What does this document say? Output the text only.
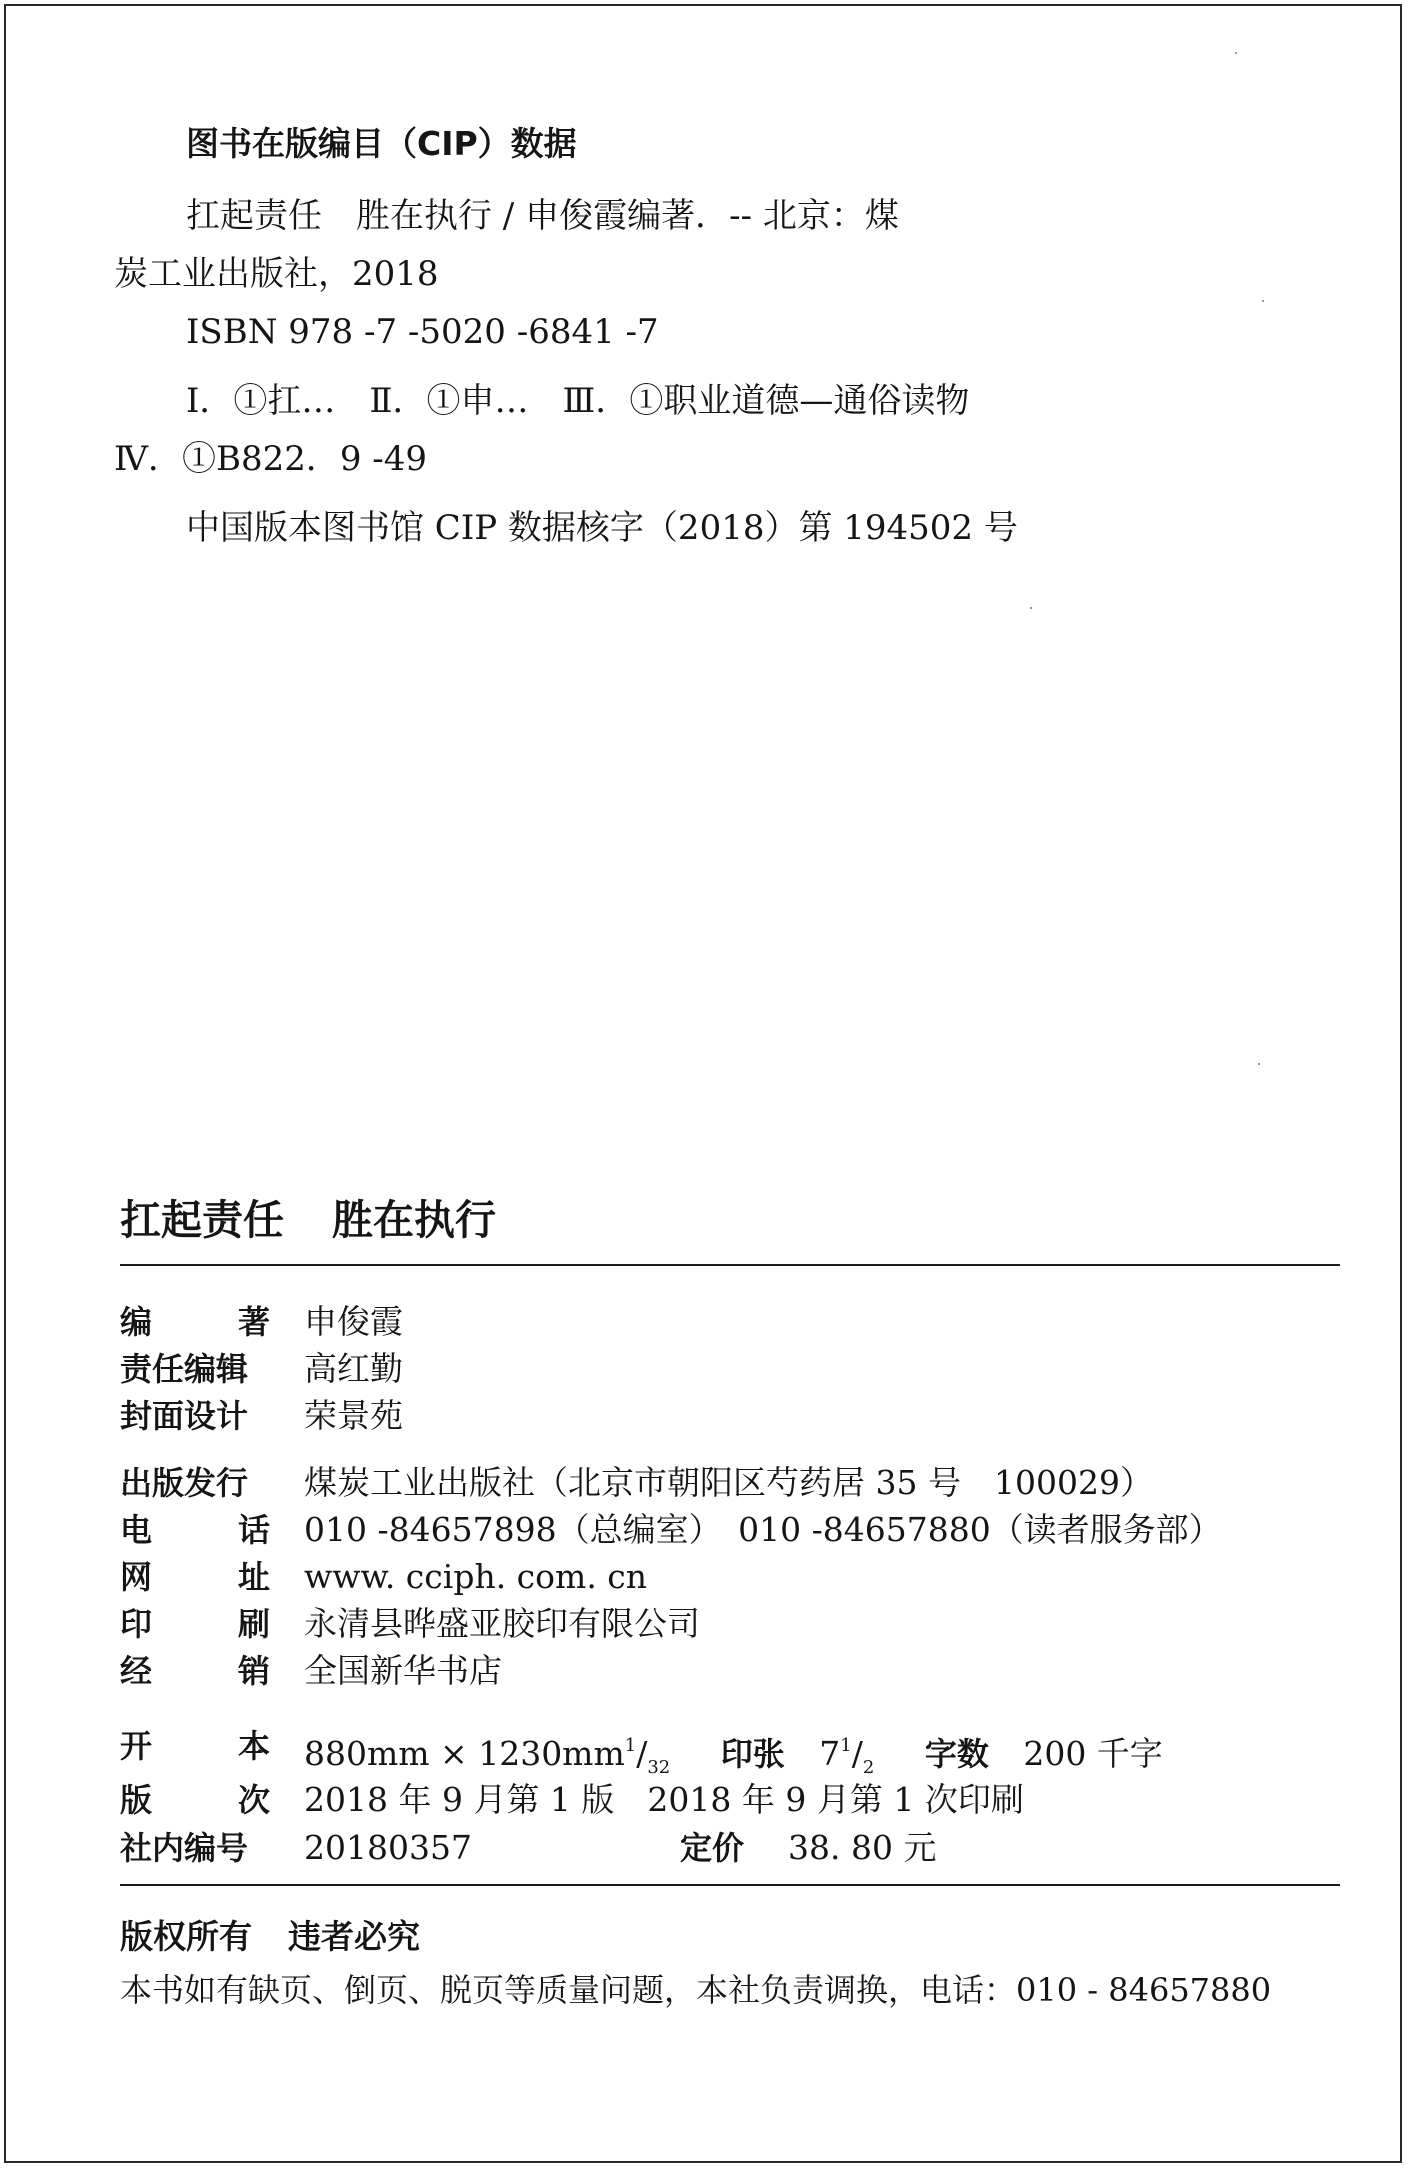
图书在版编目（CIP）数据
扛起责任　胜在执行 / 申俊霞编著．-- 北京：煤
炭工业出版社，2018
ISBN 978 -7 -5020 -6841 -7
Ⅰ．①扛…　Ⅱ．①申…　Ⅲ．①职业道德—通俗读物
Ⅳ．①B822．9 -49
中国版本图书馆 CIP 数据核字（2018）第 194502 号
扛起责任 胜在执行
编	著 申俊霞
责任编辑	高红勤
封面设计	荣景苑
出版发行	煤炭工业出版社（北京市朝阳区芍药居 35 号　100029）
电	话 010 -84657898（总编室）　010 -84657880（读者服务部）
网	址 www. cciph. com. cn
印	刷 永清县晔盛亚胶印有限公司
经	销 全国新华书店
开	本 $880mm \times 1230mm^1/_{32}$ 印张 $7^1/_2$ 字数 200 千字
版	次 2018 年 9 月第 1 版　2018 年 9 月第 1 次印刷
社内编号	20180357	定价 38. 80 元
版权所有 违者必究
本书如有缺页、倒页、脱页等质量问题，本社负责调换，电话：010 - 84657880
